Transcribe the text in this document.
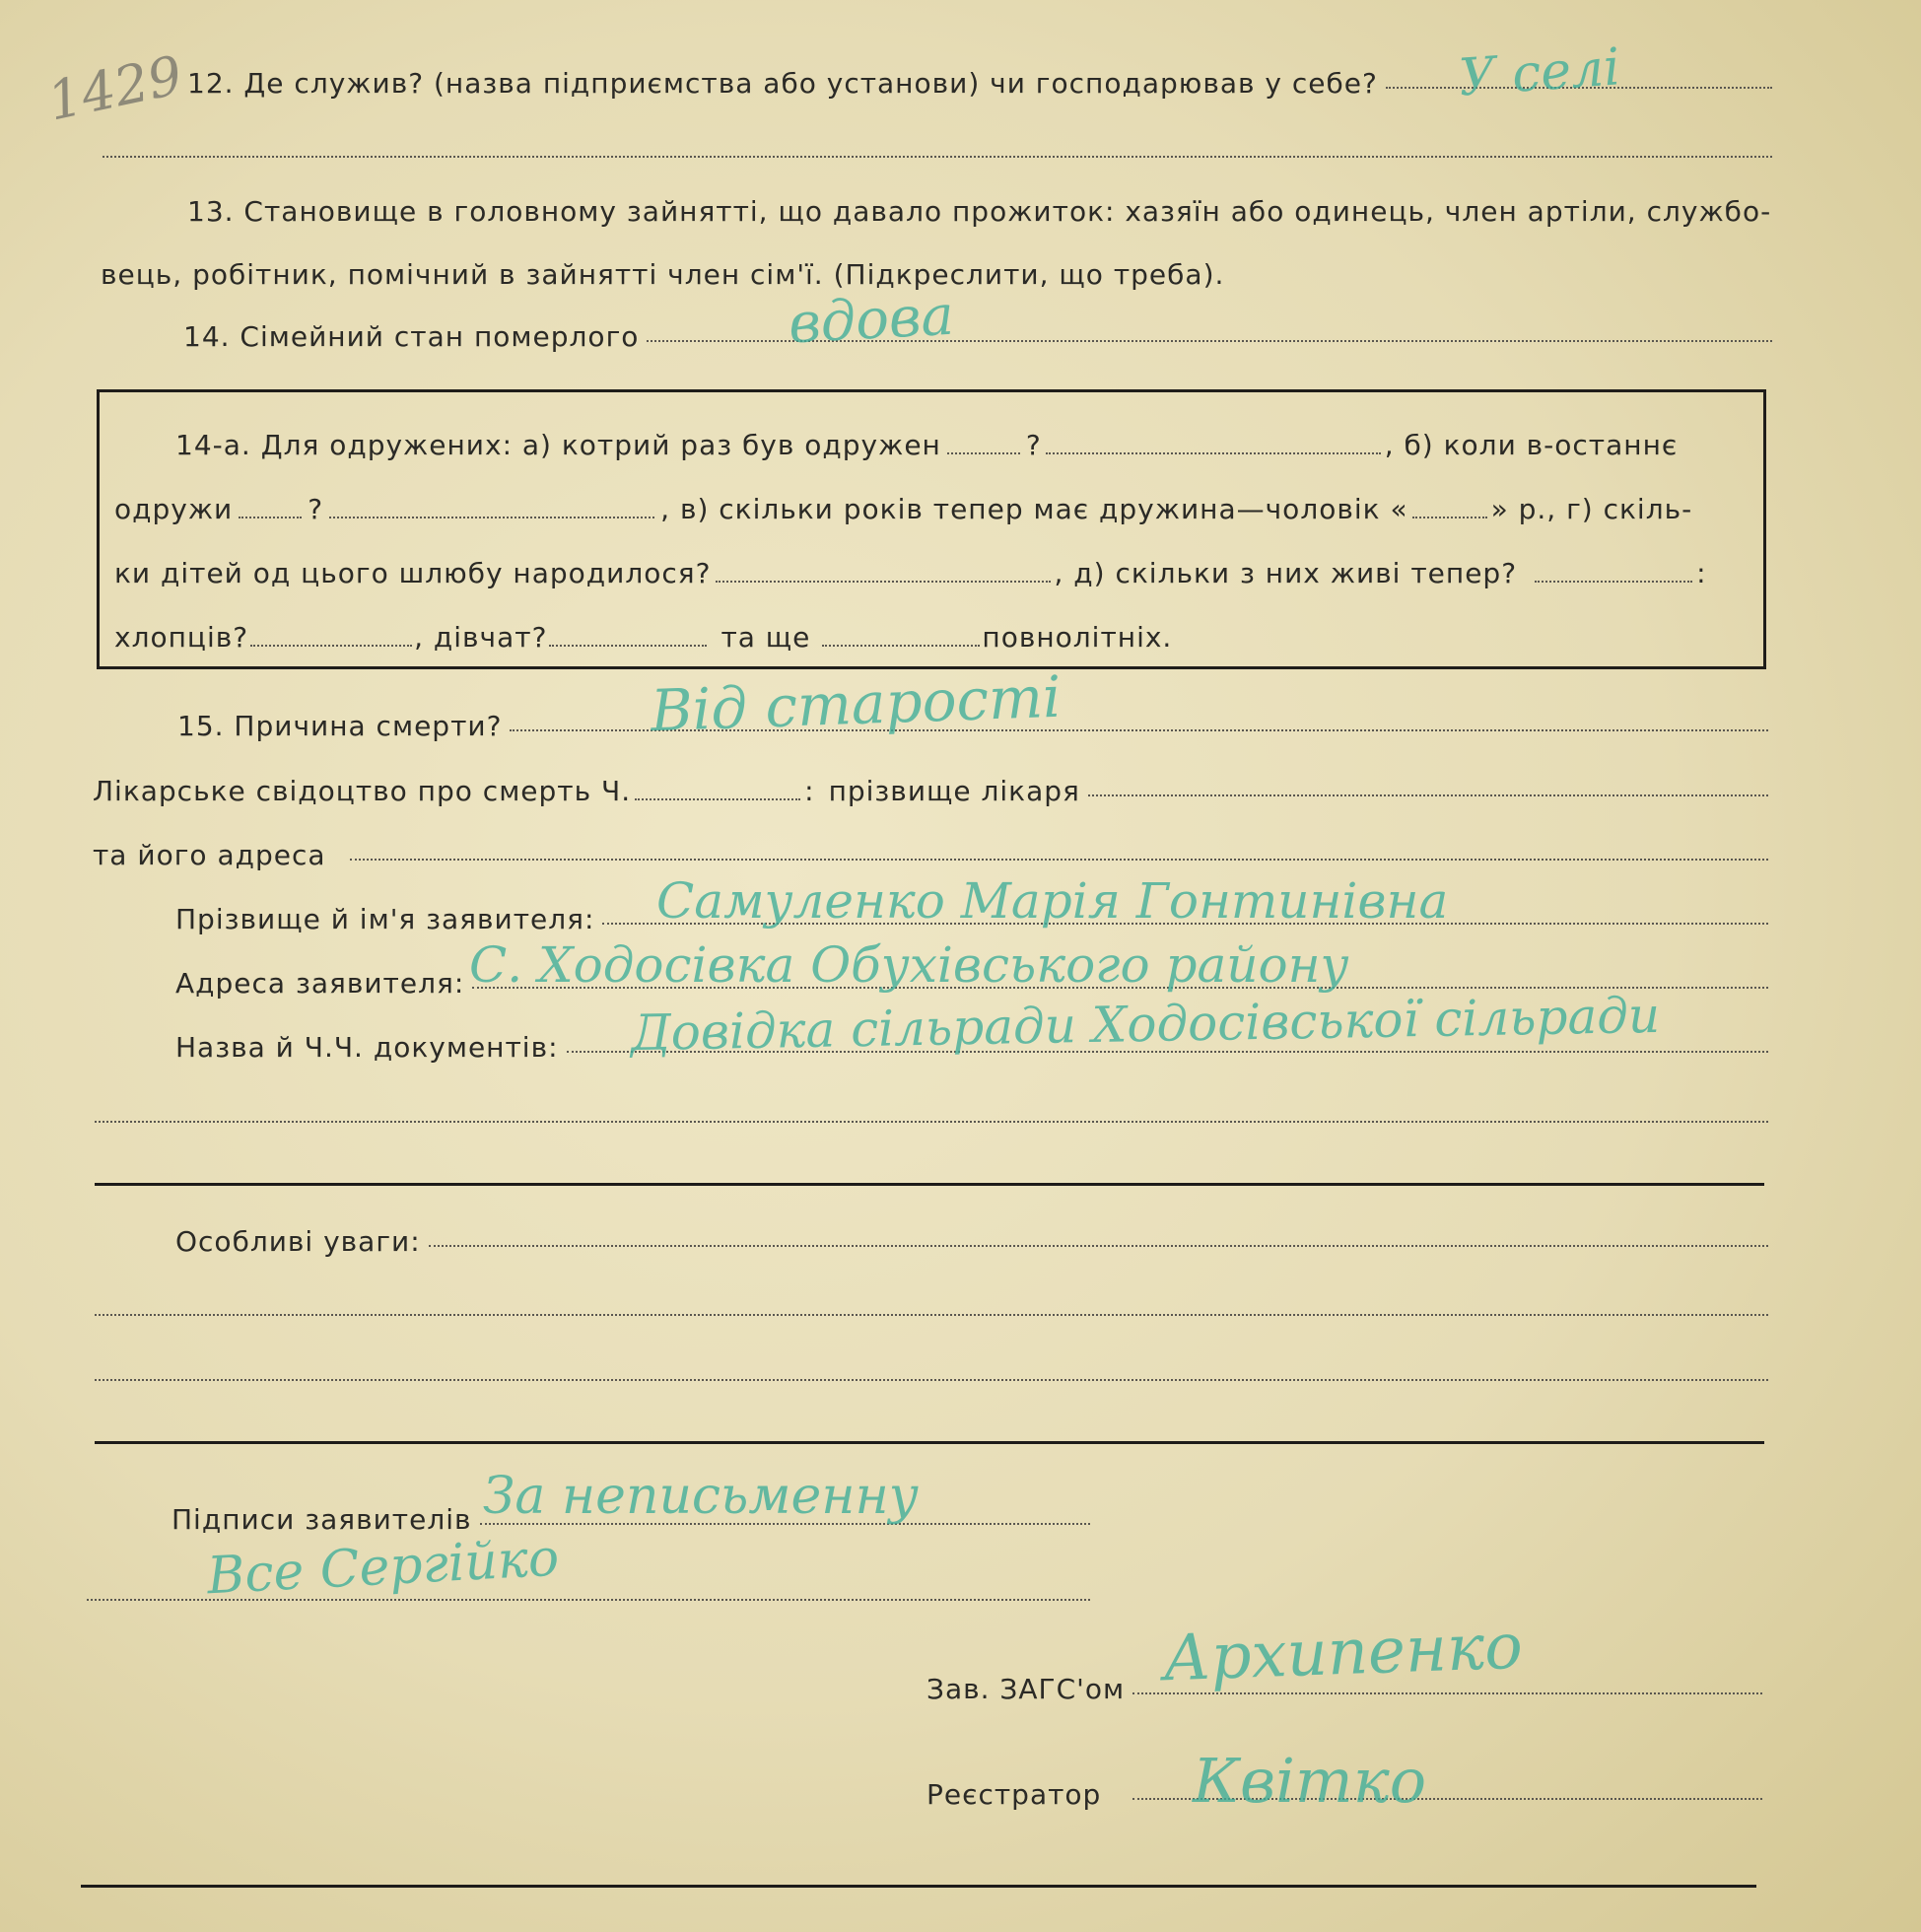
1429 12. Де служив? (назва підприємства або установи) чи господарював у себе? У селі
13. Становище в головному зайнятті, що давало прожиток: хазяїн або одинець, член артіли, службо-
вець, робітник, помічний в зайнятті член сім'ї. (Підкреслити, що треба).
14. Сімейний стан померлого	вдова
14-а. Для одружених: а) котрий раз був одружен	?	, б) коли в-останнє
одружи	?	, в) скільки років тепер має дружина—чоловік «	» р., г) скіль-
ки дітей од цього шлюбу народилося?	, д) скільки з них живі тепер?	:
хлопців?	, дівчат?	та ще	повнолітніх.
15. Причина смерти?	Від старості
Лікарське свідоцтво про смерть Ч.	: прізвище лікаря
та його адреса
Прізвище й ім'я заявителя: Самуленко Марія Гонтинівна
Адреса заявителя: С. Ходосівка Обухівського району
Назва й Ч.Ч. документів: Довідка сільради Ходосівської сільради
Особливі уваги:
Підписи заявителів За неписьменну
Все Сергійко
Зав. ЗАГС'ом Архипенко
Реєстратор Квітко
